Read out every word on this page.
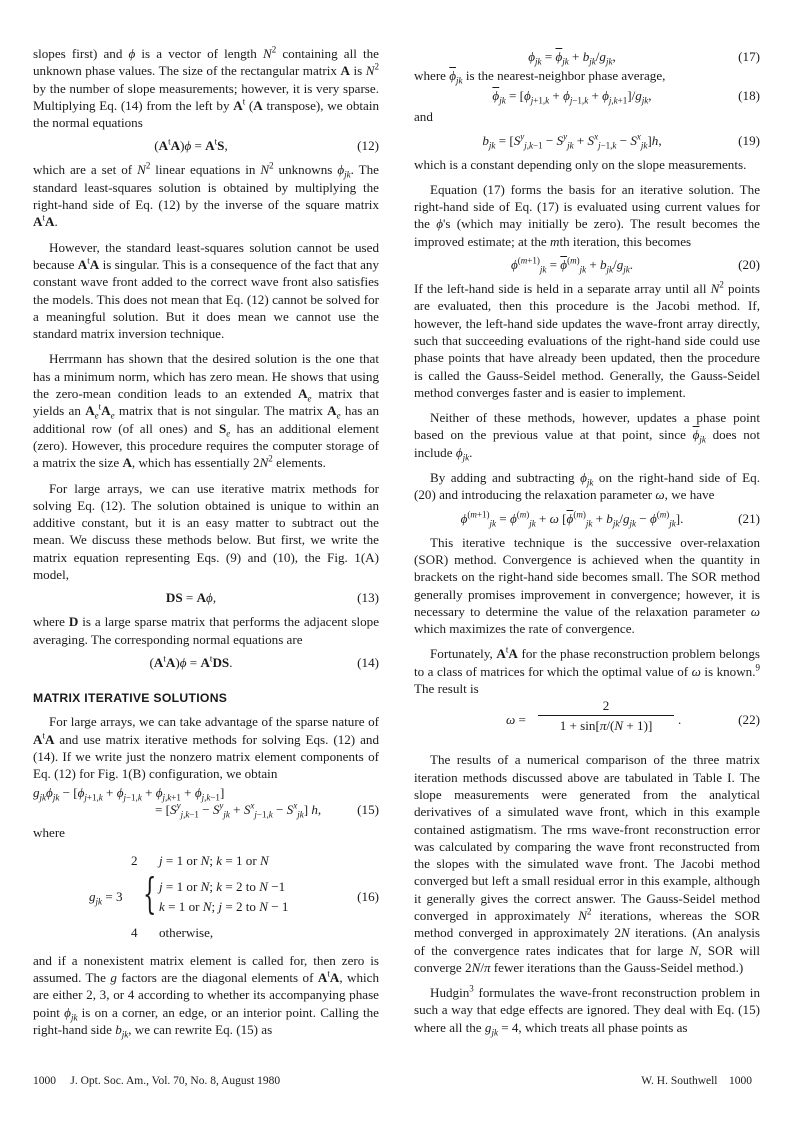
slopes first) and ϕ is a vector of length $N^2$ containing all the unknown phase values. The size of the rectangular matrix A is $N^2$ by the number of slope measurements; however, it is very sparse. Multiplying Eq. (14) from the left by $A^t$ (A transpose), we obtain the normal equations

$(A^tA)\phi = A^tS$,	(12)

which are a set of $N^2$ linear equations in $N^2$ unknowns $\phi_{jk}$. The standard least-squares solution is obtained by multiplying the right-hand side of Eq. (12) by the inverse of the square matrix $A^tA$.

However, the standard least-squares solution cannot be used because $A^tA$ is singular. This is a consequence of the fact that any constant wave front added to the correct wave front also satisfies the models. This does not mean that Eq. (12) cannot be solved for a meaningful solution. But it does mean we cannot use the standard matrix inversion technique.

Herrmann has shown that the desired solution is the one that has a minimum norm, which has zero mean. He shows that using the zero-mean condition leads to an extended $A_e$ matrix that yields an $A_e^tA_e$ matrix that is not singular. The matrix $A_e$ has an additional row (of all ones) and $S_e$ has an additional element (zero). However, this procedure requires the computer storage of a matrix the size A, which has essentially $2N^2$ elements.

For large arrays, we can use iterative matrix methods for solving Eq. (12). The solution obtained is unique to within an additive constant, but it is an easy matter to subtract out the mean. We discuss these methods below. But first, we write the matrix equation representing Eqs. (9) and (10), the Fig. 1(A) model,

DS = Aϕ,	(13)

where D is a large sparse matrix that performs the adjacent slope averaging. The corresponding normal equations are

$(A^tA)\phi = A^tDS$.	(14)
MATRIX ITERATIVE SOLUTIONS

For large arrays, we can take advantage of the sparse nature of $A^tA$ and use matrix iterative methods for solving Eqs. (12) and (14). If we write just the nonzero matrix element components of Eq. (12) for Fig. 1(B) configuration, we obtain

$g_{jk}\phi_{jk} - [\phi_{j+1,k} + \phi_{j-1,k} + \phi_{j,k+1} + \phi_{j,k-1}]$
= $[S^y_{j,k-1} - S^y_{jk} + S^x_{j-1,k} - S^x_{jk}]$ h,	(15)

where

2 j = 1 or N; k = 1 or N
$g_{jk} = 3$ { j = 1 or N; k = 2 to N −1
k = 1 or N; j = 2 to N − 1
4 otherwise,
(16)

and if a nonexistent matrix element is called for, then zero is assumed. The g factors are the diagonal elements of $A^tA$, which are either 2, 3, or 4 according to whether its accompanying phase point $\phi_{jk}$ is on a corner, an edge, or an interior point. Calling the right-hand side $b_{jk}$, we can rewrite Eq. (15) as

$\phi_{jk} = \overline{\phi}_{jk} + b_{jk}/g_{jk}$,	(17)

where $\overline{\phi}_{jk}$ is the nearest-neighbor phase average,

$\overline{\phi}_{jk} = [\phi_{j+1,k} + \phi_{j-1,k} + \phi_{j,k+1}]/g_{jk}$,	(18)

and

$b_{jk} = [S^y_{j,k-1} - S^y_{jk} + S^x_{j-1,k} - S^x_{jk}]h$,	(19)

which is a constant depending only on the slope measurements.

Equation (17) forms the basis for an iterative solution. The right-hand side of Eq. (17) is evaluated using current values for the ϕ's (which may initially be zero). The result becomes the improved estimate; at the mth iteration, this becomes

$\phi^{(m+1)}_{jk} = \overline{\phi}^{(m)}_{jk} + b_{jk}/g_{jk}$.	(20)

If the left-hand side is held in a separate array until all $N^2$ points are evaluated, then this procedure is the Jacobi method. If, however, the left-hand side updates the wave-front array directly, such that succeeding evaluations of the right-hand side could use phase points that have already been updated, then the procedure is called the Gauss-Seidel method. Generally, the Gauss-Seidel method converges faster and is easier to implement.

Neither of these methods, however, updates a phase point based on the previous value at that point, since $\overline{\phi}_{jk}$ does not include $\phi_{jk}$.

By adding and subtracting $\phi_{jk}$ on the right-hand side of Eq. (20) and introducing the relaxation parameter ω, we have

$\phi^{(m+1)}_{jk} = \phi^{(m)}_{jk} + \omega$ $[\overline{\phi}^{(m)}_{jk} + b_{jk}/g_{jk} - \phi^{(m)}_{jk}]$.	(21)

This iterative technique is the successive over-relaxation (SOR) method. Convergence is achieved when the quantity in brackets on the right-hand side becomes small. The SOR method generally promises improvement in convergence; however, it is necessary to determine the value of the relaxation parameter ω which maximizes the rate of convergence.

Fortunately, $A^tA$ for the phase reconstruction problem belongs to a class of matrices for which the optimal value of ω is known.$^9$ The result is

ω =
2
1 + sin[π/(N + 1)]	.	(22)

The results of a numerical comparison of the three matrix iteration methods discussed above are tabulated in Table I. The slope measurements were generated from the analytical derivatives of a simulated wave front, which in this example contained astigmatism. The rms wave-front reconstruction error was calculated by comparing the wave front reconstructed from the slopes with the simulated wave front. The Jacobi method converged but left a small residual error in this example, although it generally gives the correct answer. The Gauss-Seidel method converged in approximately $N^2$ iterations, whereas the SOR method converged in approximately 2N iterations. (An analysis of the convergence rates indicates that for large N, SOR will converge 2N/π fewer iterations than the Gauss-Seidel method.)

Hudgin$^3$ formulates the wave-front reconstruction problem in such a way that edge effects are ignored. They deal with Eq. (15) where all the $g_{jk} = 4$, which treats all phase points as

1000     J. Opt. Soc. Am., Vol. 70, No. 8, August 1980	W. H. Southwell 1000
